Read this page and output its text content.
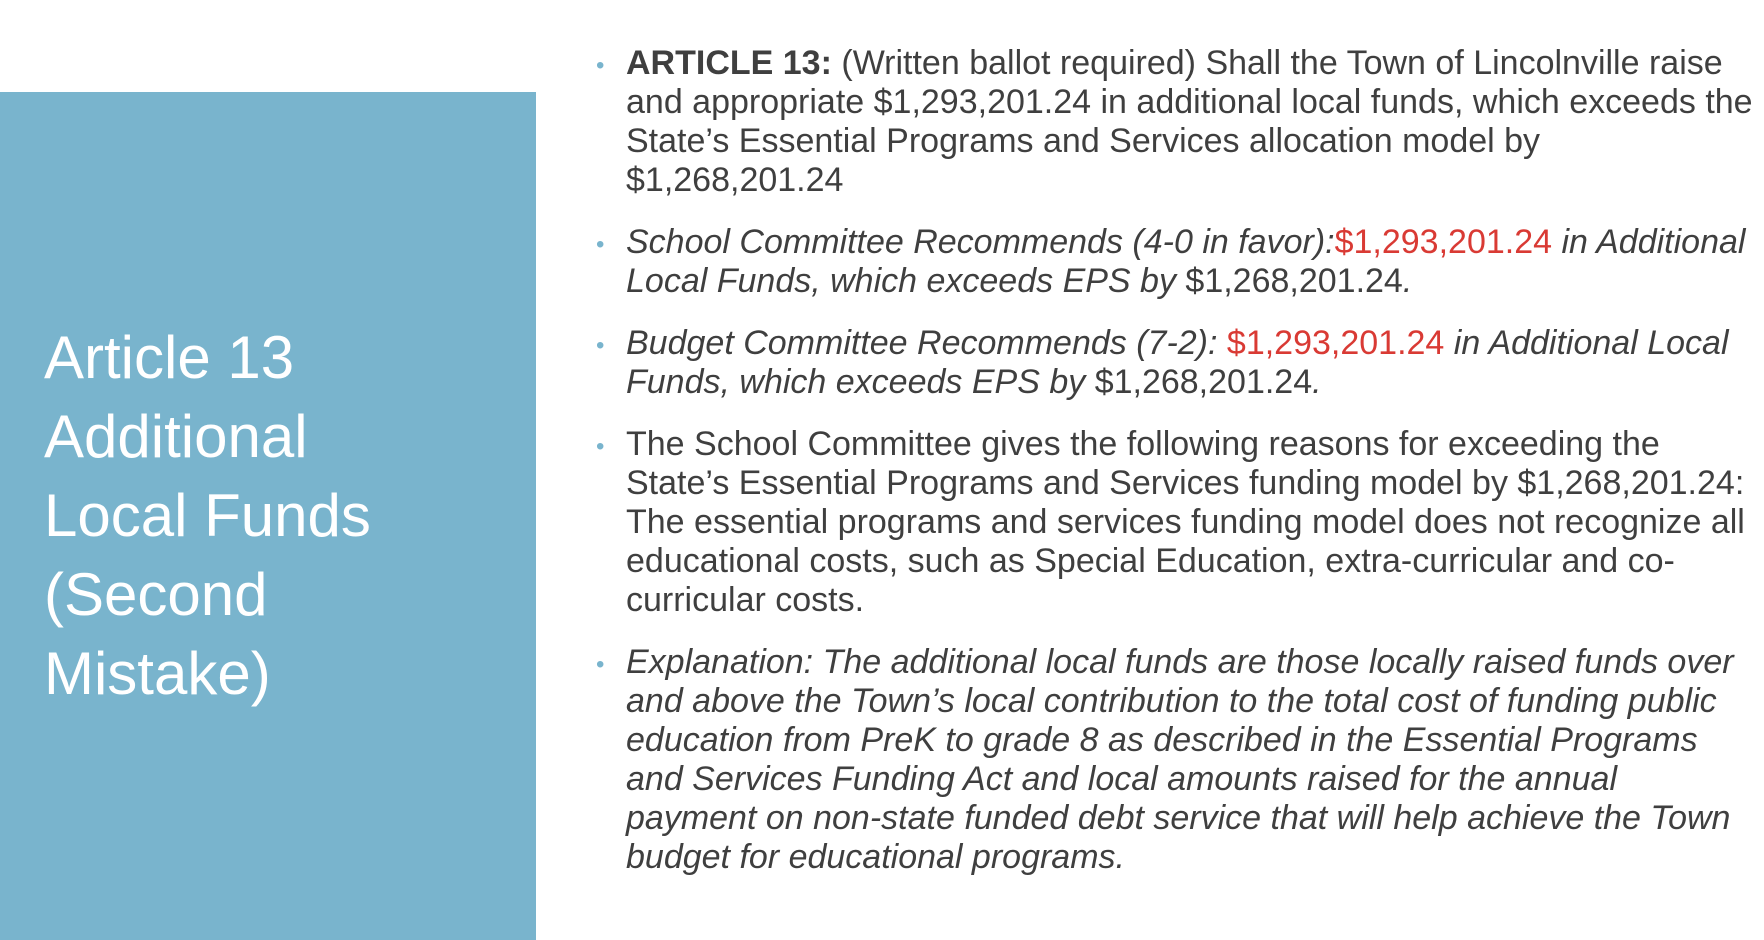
Article 13
Additional
Local Funds
(Second
Mistake)
• ARTICLE 13: (Written ballot required) Shall the Town of Lincolnville raise and appropriate $1,293,201.24 in additional local funds, which exceeds the State’s Essential Programs and Services allocation model by $1,268,201.24
• School Committee Recommends (4-0 in favor):$1,293,201.24 in Additional Local Funds, which exceeds EPS by $1,268,201.24.
• Budget Committee Recommends (7-2): $1,293,201.24 in Additional Local Funds, which exceeds EPS by $1,268,201.24.
• The School Committee gives the following reasons for exceeding the State’s Essential Programs and Services funding model by $1,268,201.24: The essential programs and services funding model does not recognize all educational costs, such as Special Education, extra-curricular and co-curricular costs.
• Explanation: The additional local funds are those locally raised funds over and above the Town’s local contribution to the total cost of funding public education from PreK to grade 8 as described in the Essential Programs and Services Funding Act and local amounts raised for the annual payment on non-state funded debt service that will help achieve the Town budget for educational programs.
